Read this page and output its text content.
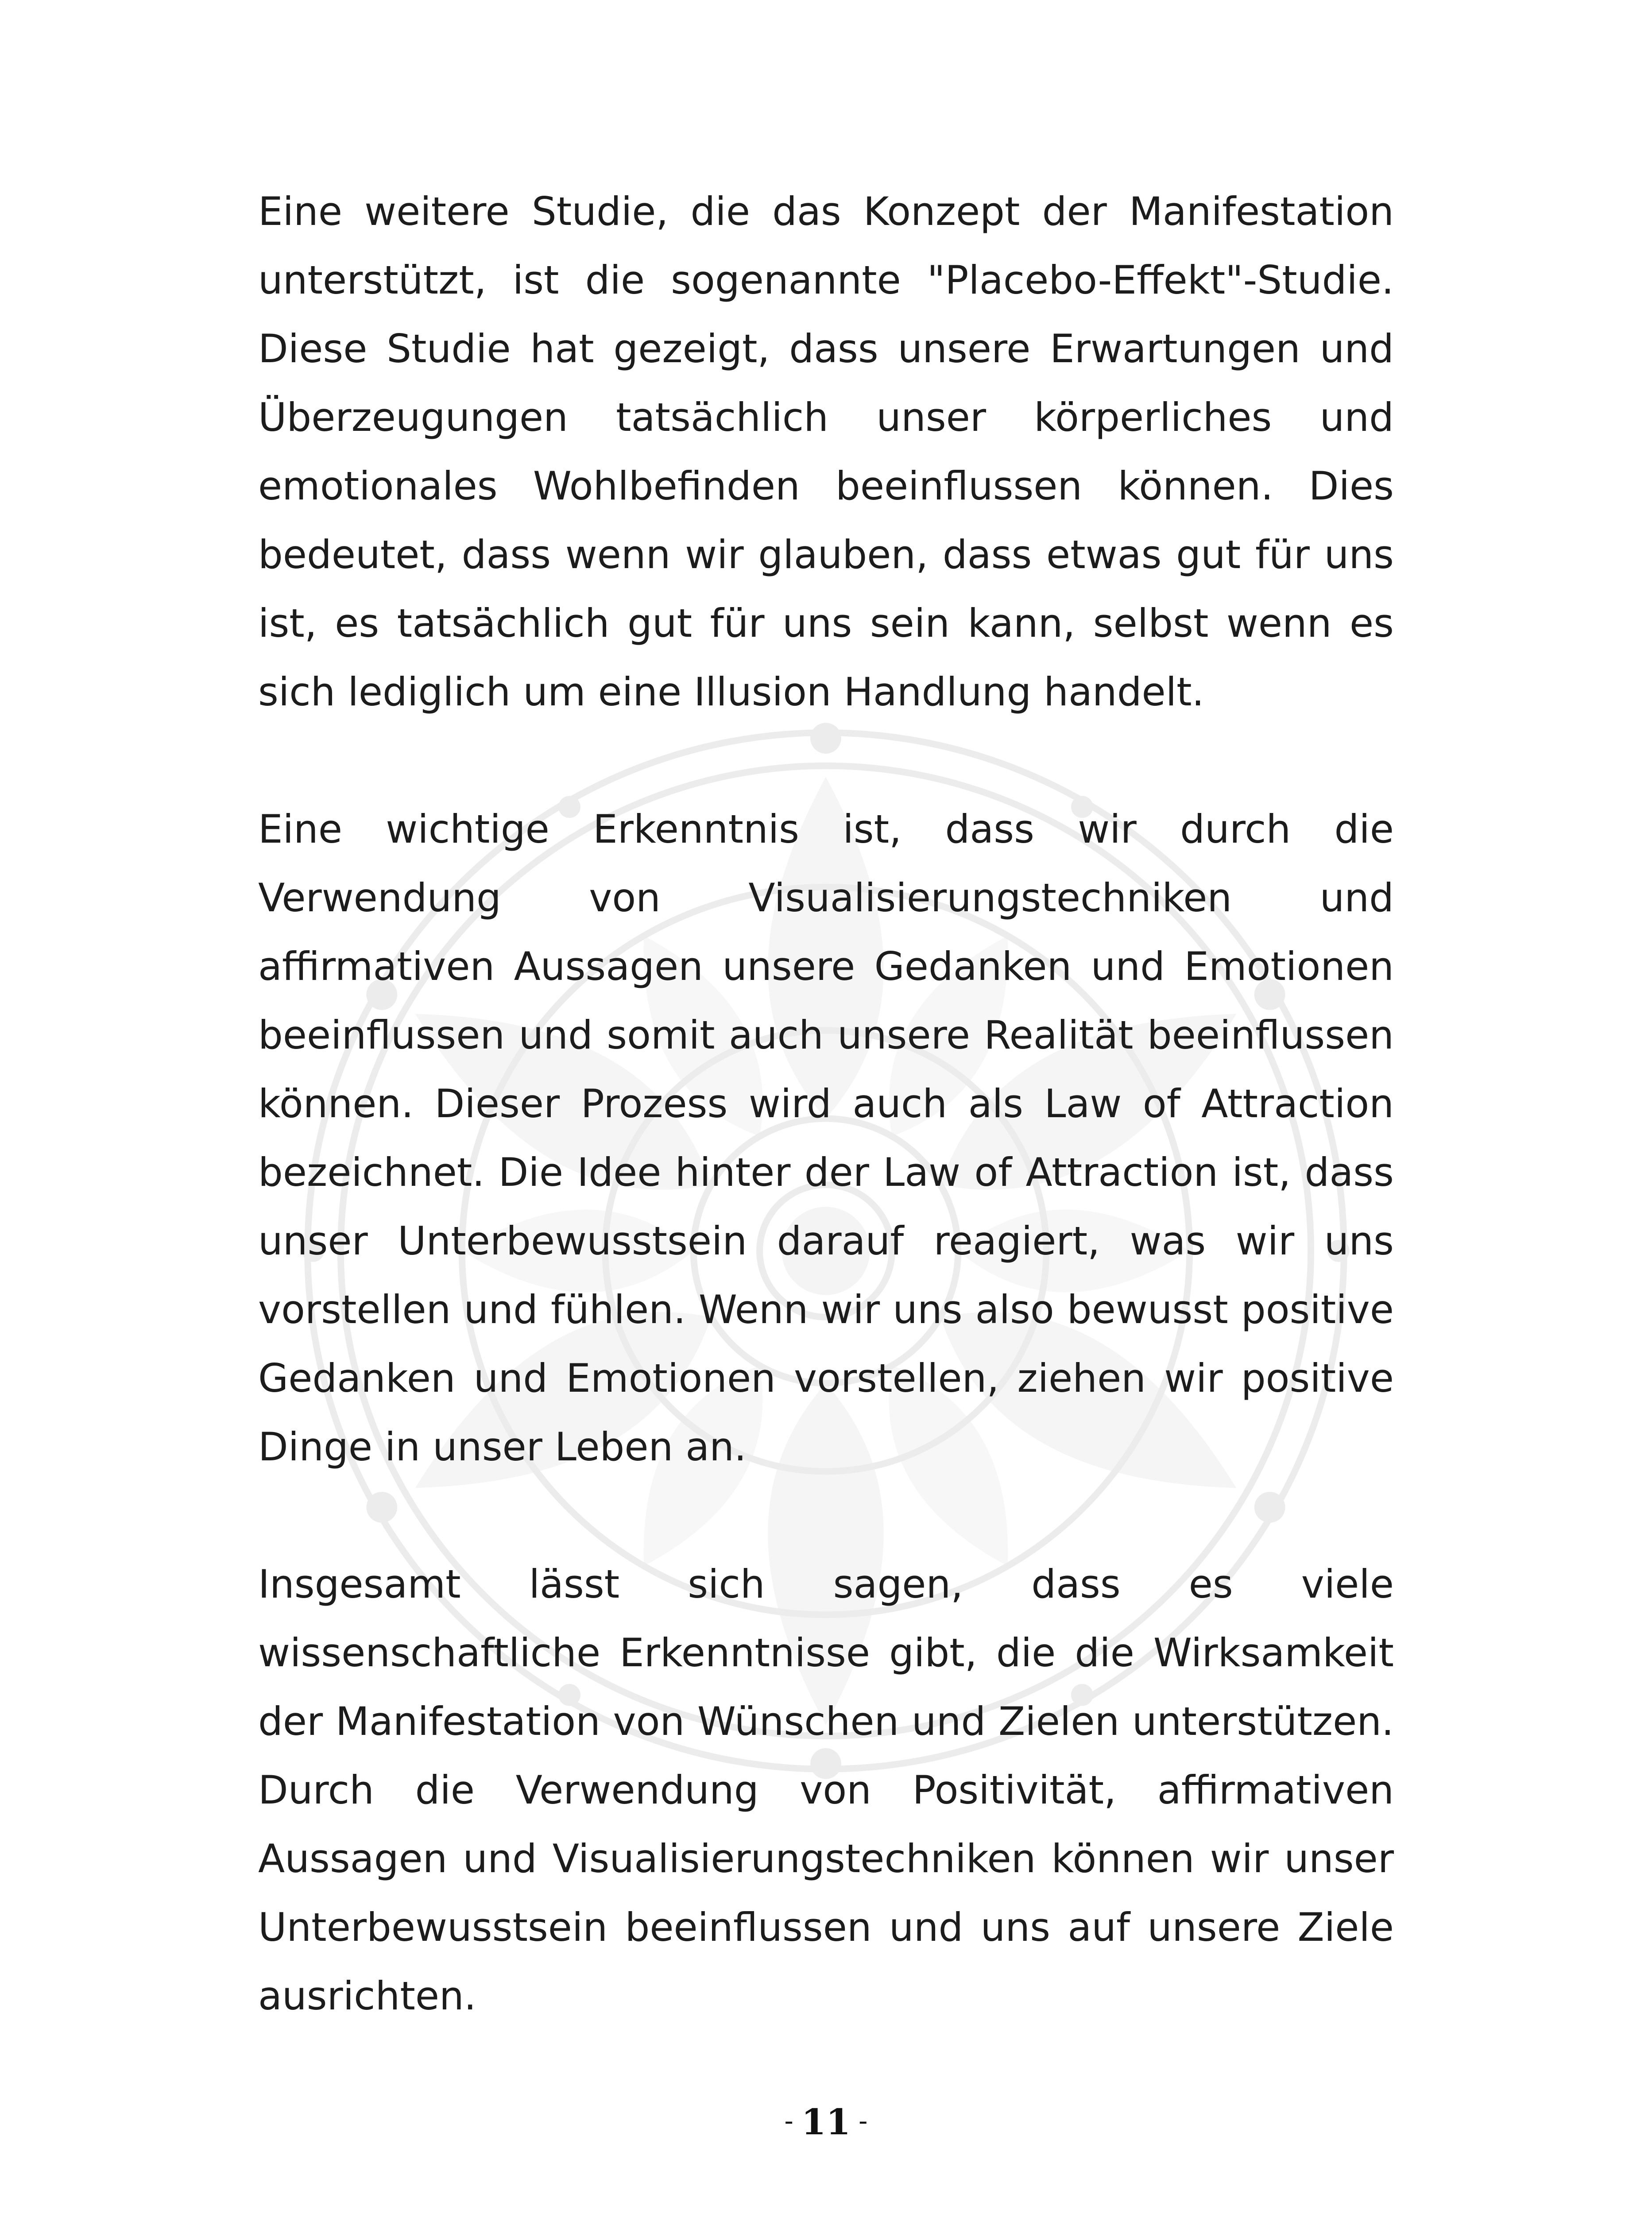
Eine weitere Studie, die das Konzept der Manifestation unterstützt, ist die sogenannte "Placebo-Effekt"-Studie. Diese Studie hat gezeigt, dass unsere Erwartungen und Überzeugungen tatsächlich unser körperliches und emotionales Wohlbefinden beeinflussen können. Dies bedeutet, dass wenn wir glauben, dass etwas gut für uns ist, es tatsächlich gut für uns sein kann, selbst wenn es sich lediglich um eine Illusion Handlung handelt.

Eine wichtige Erkenntnis ist, dass wir durch die Verwendung von Visualisierungstechniken und affirmativen Aussagen unsere Gedanken und Emotionen beeinflussen und somit auch unsere Realität beeinflussen können. Dieser Prozess wird auch als Law of Attraction bezeichnet. Die Idee hinter der Law of Attraction ist, dass unser Unterbewusstsein darauf reagiert, was wir uns vorstellen und fühlen. Wenn wir uns also bewusst positive Gedanken und Emotionen vorstellen, ziehen wir positive Dinge in unser Leben an.

Insgesamt lässt sich sagen, dass es viele wissenschaftliche Erkenntnisse gibt, die die Wirksamkeit der Manifestation von Wünschen und Zielen unterstützen. Durch die Verwendung von Positivität, affirmativen Aussagen und Visualisierungstechniken können wir unser Unterbewusstsein beeinflussen und uns auf unsere Ziele ausrichten.

- 11 -
